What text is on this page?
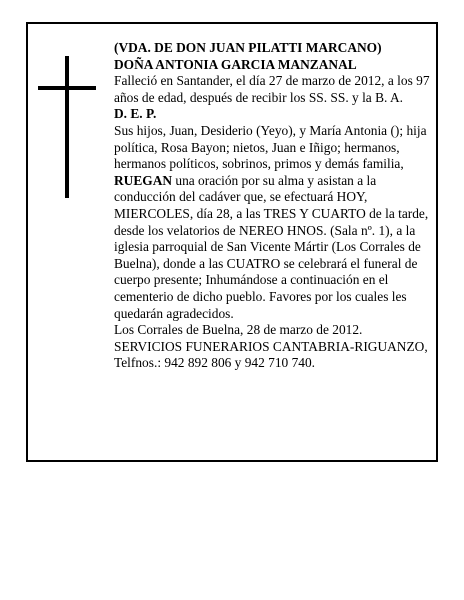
(VDA. DE DON JUAN PILATTI MARCANO)

DOÑA ANTONIA GARCIA MANZANAL

Falleció en Santander, el día 27 de marzo de 2012, a los 97 años de edad, después de recibir los SS. SS. y la B. A.

D. E. P.

Sus hijos, Juan, Desiderio (Yeyo), y María Antonia (); hija política, Rosa Bayon; nietos, Juan e Iñigo; hermanos, hermanos políticos, sobrinos, primos y demás familia,

RUEGAN una oración por su alma y asistan a la conducción del cadáver que, se efectuará HOY, MIERCOLES, día 28, a las TRES Y CUARTO de la tarde, desde los velatorios de NEREO HNOS. (Sala nº. 1), a la iglesia parroquial de San Vicente Mártir (Los Corrales de Buelna), donde a las CUATRO se celebrará el funeral de cuerpo presente; Inhumándose a continuación en el cementerio de dicho pueblo. Favores por los cuales les quedarán agradecidos.

Los Corrales de Buelna, 28 de marzo de 2012.

SERVICIOS FUNERARIOS CANTABRIA-RIGUANZO, Telfnos.: 942 892 806 y 942 710 740.
